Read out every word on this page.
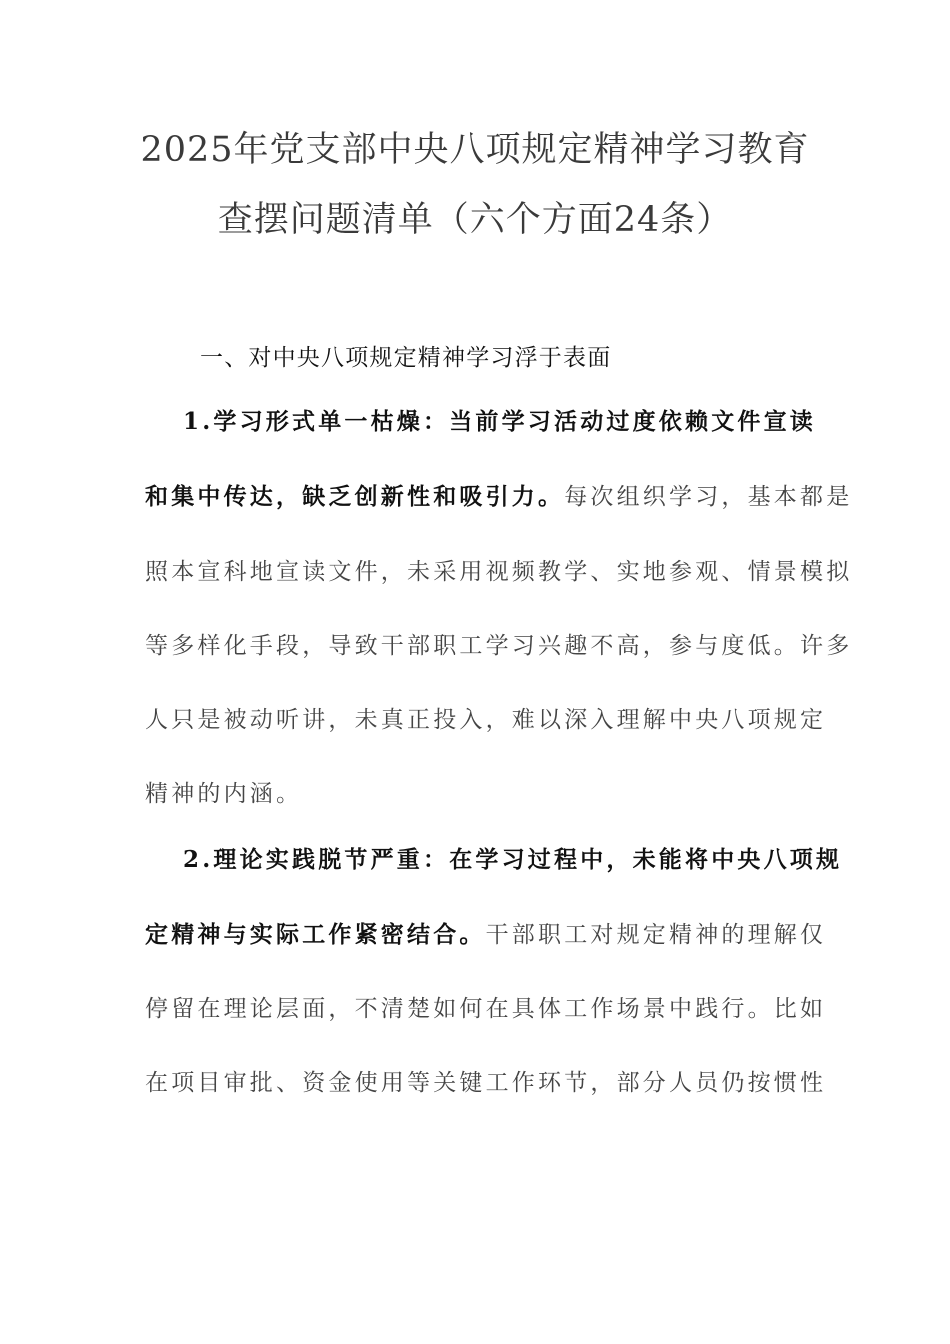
2025年党支部中央八项规定精神学习教育
查摆问题清单（六个方面24条）
一、对中央八项规定精神学习浮于表面
1.学习形式单一枯燥：当前学习活动过度依赖文件宣读
和集中传达，缺乏创新性和吸引力。每次组织学习，基本都是
照本宣科地宣读文件，未采用视频教学、实地参观、情景模拟
等多样化手段，导致干部职工学习兴趣不高，参与度低。许多
人只是被动听讲，未真正投入，难以深入理解中央八项规定
精神的内涵。
2.理论实践脱节严重：在学习过程中，未能将中央八项规
定精神与实际工作紧密结合。干部职工对规定精神的理解仅
停留在理论层面，不清楚如何在具体工作场景中践行。比如
在项目审批、资金使用等关键工作环节，部分人员仍按惯性
